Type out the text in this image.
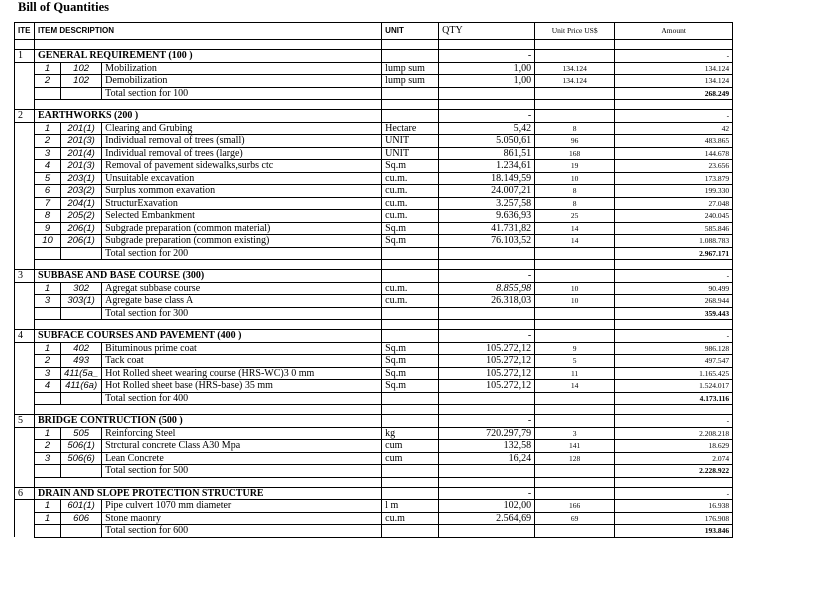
Bill of Quantities
ITE	ITEM DESCRIPTION			UNIT	QTY	Unit Price US$	Amount

1	GENERAL REQUIREMENT (100 )				-		-
	1	102	Mobilization	lump sum	1,00	134.124	134.124
	2	102	Demobilization	lump sum	1,00	134.124	134.124
			Total section for 100				268.249

2	EARTHWORKS (200 )				-		-
	1	201(1)	Clearing and Grubing	Hectare	5,42	8	42
	2	201(3)	Individual removal of trees (small)	UNIT	5.050,61	96	483.865
	3	201(4)	Individual removal of trees (large)	UNIT	861,51	168	144.678
	4	201(3)	Removal of pavement sidewalks,surbs ctc	Sq.m	1.234,61	19	23.656
	5	203(1)	Unsuitable excavation	cu.m.	18.149,59	10	173.879
	6	203(2)	Surplus xommon exavation	cu.m.	24.007,21	8	199.330
	7	204(1)	StructurExavation	cu.m.	3.257,58	8	27.048
	8	205(2)	Selected Embankment	cu.m.	9.636,93	25	240.045
	9	206(1)	Subgrade preparation (common material)	Sq.m	41.731,82	14	585.846
	10	206(1)	Subgrade preparation (common existing)	Sq.m	76.103,52	14	1.088.783
			Total section for 200				2.967.171

3	SUBBASE AND BASE COURSE (300)				-		-
	1	302	Agregat subbase course	cu.m.	8.855,98	10	90.499
	3	303(1)	Agregate base class A	cu.m.	26.318,03	10	268.944
			Total section for 300				359.443

4	SUBFACE COURSES AND PAVEMENT (400 )				-		-
	1	402	Bituminous prime coat	Sq.m	105.272,12	9	986.128
	2	493	Tack coat	Sq.m	105.272,12	5	497.547
	3	411(5a_	Hot Rolled sheet wearing course (HRS-WC)3 0 mm	Sq.m	105.272,12	11	1.165.425
	4	411(6a)	Hot Rolled sheet base (HRS-base) 35 mm	Sq.m	105.272,12	14	1.524.017
			Total section for 400				4.173.116

5	BRIDGE CONTRUCTION (500 )				-		-
	1	505	Reinforcing Steel	kg	720.297,79	3	2.208.218
	2	506(1)	Strctural concrete Class A30 Mpa	cum	132,58	141	18.629
	3	506(6)	Lean Concrete	cum	16,24	128	2.074
			Total section for 500				2.228.922

6	DRAIN AND SLOPE PROTECTION STRUCTURE				-		-
	1	601(1)	Pipe culvert 1070 mm diameter	l m	102,00	166	16.938
	1	606	Stone maonry	cu.m	2.564,69	69	176.908
			Total section for 600				193.846
